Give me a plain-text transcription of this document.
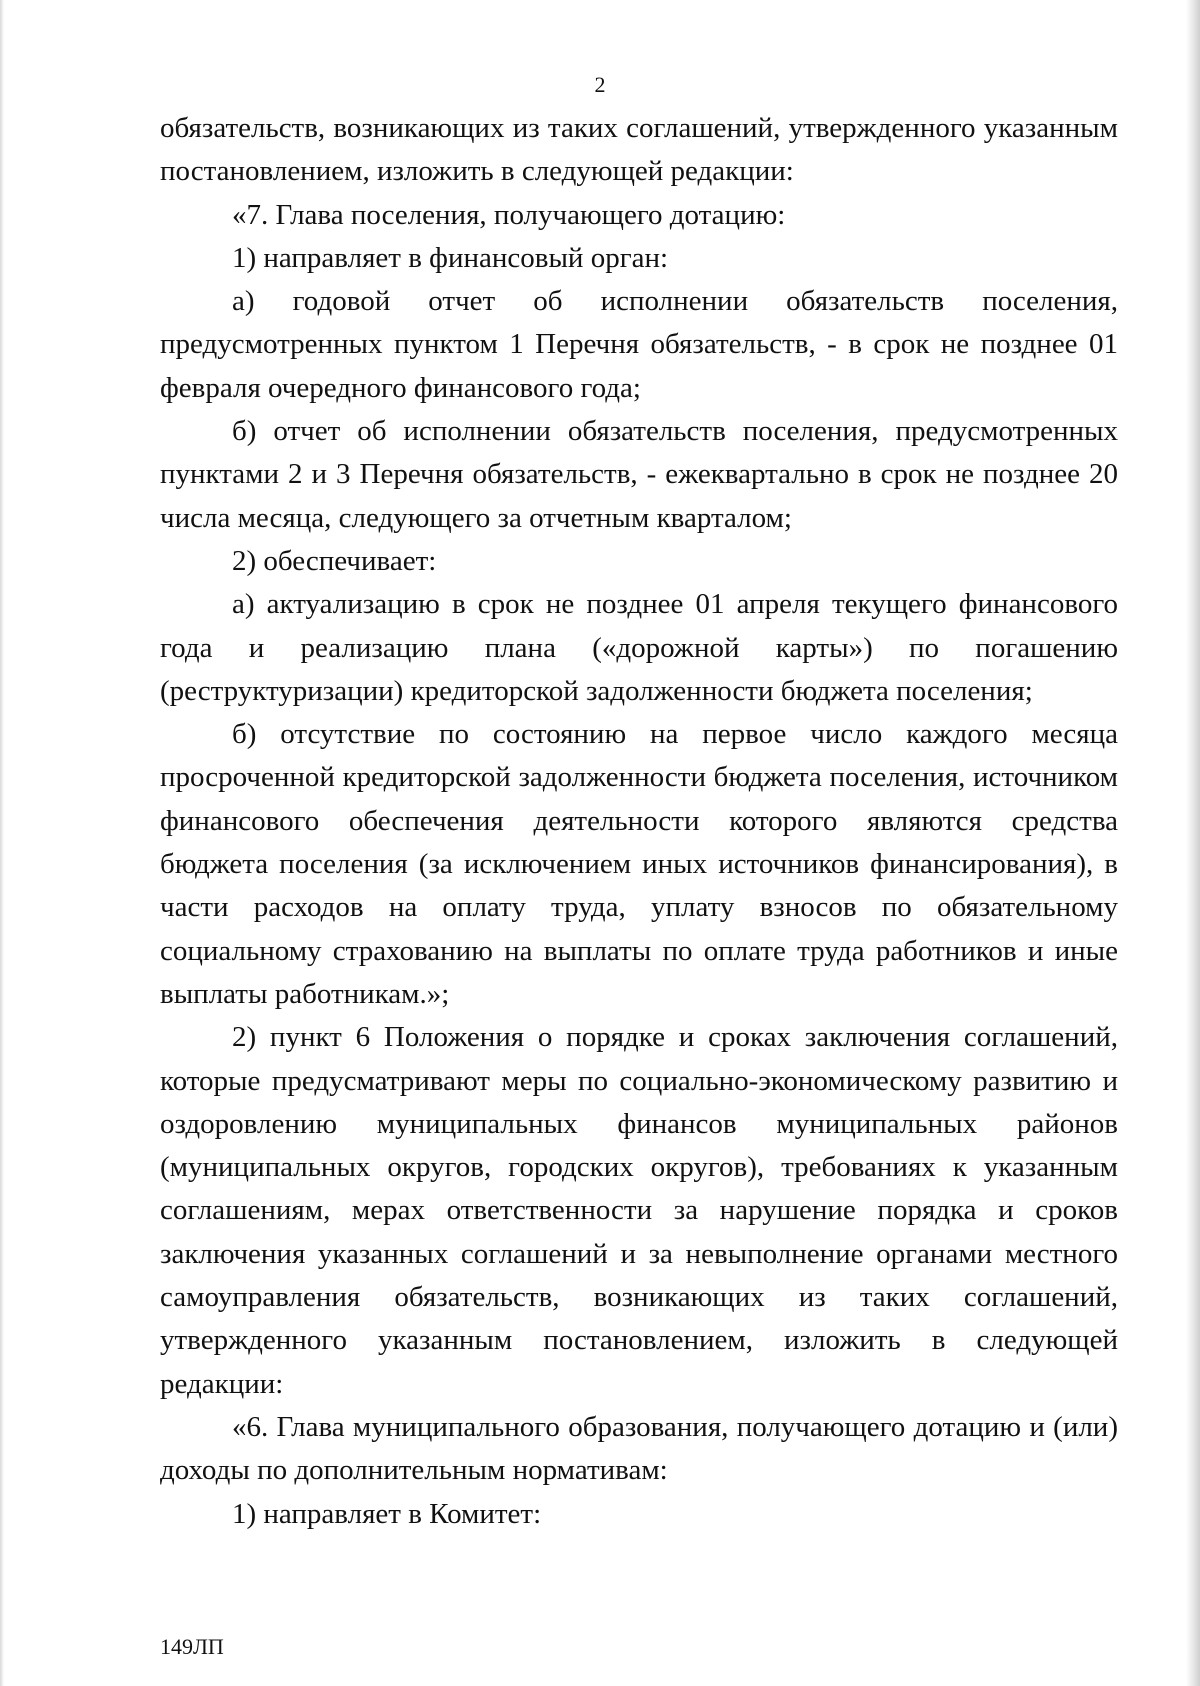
2

обязательств, возникающих из таких соглашений, утвержденного указанным постановлением, изложить в следующей редакции:

«7. Глава поселения, получающего дотацию:

1) направляет в финансовый орган:

а) годовой отчет об исполнении обязательств поселения, предусмотренных пунктом 1 Перечня обязательств, - в срок не позднее 01 февраля очередного финансового года;

б) отчет об исполнении обязательств поселения, предусмотренных пунктами 2 и 3 Перечня обязательств, - ежеквартально в срок не позднее 20 числа месяца, следующего за отчетным кварталом;

2) обеспечивает:

а) актуализацию в срок не позднее 01 апреля текущего финансового года и реализацию плана («дорожной карты») по погашению (реструктуризации) кредиторской задолженности бюджета поселения;

б) отсутствие по состоянию на первое число каждого месяца просроченной кредиторской задолженности бюджета поселения, источником финансового обеспечения деятельности которого являются средства бюджета поселения (за исключением иных источников финансирования), в части расходов на оплату труда, уплату взносов по обязательному социальному страхованию на выплаты по оплате труда работников и иные выплаты работникам.»;

2) пункт 6 Положения о порядке и сроках заключения соглашений, которые предусматривают меры по социально-экономическому развитию и оздоровлению муниципальных финансов муниципальных районов (муниципальных округов, городских округов), требованиях к указанным соглашениям, мерах ответственности за нарушение порядка и сроков заключения указанных соглашений и за невыполнение органами местного самоуправления обязательств, возникающих из таких соглашений, утвержденного указанным постановлением, изложить в следующей редакции:

«6. Глава муниципального образования, получающего дотацию и (или) доходы по дополнительным нормативам:

1) направляет в Комитет:

149ЛП
